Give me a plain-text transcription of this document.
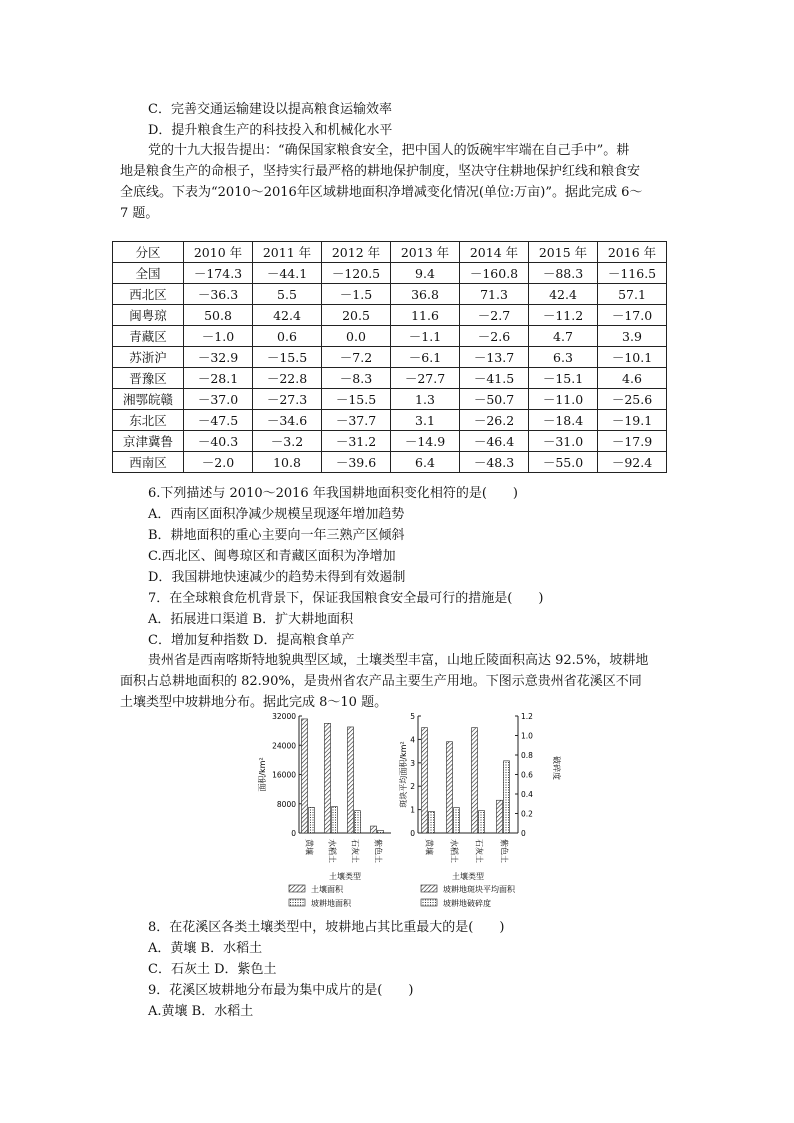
C．完善交通运输建设以提高粮食运输效率
D．提升粮食生产的科技投入和机械化水平
党的十九大报告提出：“确保国家粮食安全，把中国人的饭碗牢牢端在自己手中”。耕
地是粮食生产的命根子，坚持实行最严格的耕地保护制度，坚决守住耕地保护红线和粮食安
全底线。下表为“2010～2016年区域耕地面积净增减变化情况(单位:万亩)”。据此完成 6～
7 题。
分区	2010 年	2011 年	2012 年	2013 年	2014 年	2015 年	2016 年
全国	－174.3	－44.1	－120.5	9.4	－160.8	－88.3	－116.5
西北区	－36.3	5.5	－1.5	36.8	71.3	42.4	57.1
闽粤琼	50.8	42.4	20.5	11.6	－2.7	－11.2	－17.0
青藏区	－1.0	0.6	0.0	－1.1	－2.6	4.7	3.9
苏浙沪	－32.9	－15.5	－7.2	－6.1	－13.7	6.3	－10.1
晋豫区	－28.1	－22.8	－8.3	－27.7	－41.5	－15.1	4.6
湘鄂皖赣	－37.0	－27.3	－15.5	1.3	－50.7	－11.0	－25.6
东北区	－47.5	－34.6	－37.7	3.1	－26.2	－18.4	－19.1
京津冀鲁	－40.3	－3.2	－31.2	－14.9	－46.4	－31.0	－17.9
西南区	－2.0	10.8	－39.6	6.4	－48.3	－55.0	－92.4
6.下列描述与 2010～2016 年我国耕地面积变化相符的是(　　)
A．西南区面积净减少规模呈现逐年增加趋势
B．耕地面积的重心主要向一年三熟产区倾斜
C.西北区、闽粤琼区和青藏区面积为净增加
D．我国耕地快速减少的趋势未得到有效遏制
7．在全球粮食危机背景下，保证我国粮食安全最可行的措施是(　　)
A．拓展进口渠道 B．扩大耕地面积
C．增加复种指数 D．提高粮食单产
贵州省是西南喀斯特地貌典型区域，土壤类型丰富，山地丘陵面积高达 92.5%，坡耕地
面积占总耕地面积的 82.90%，是贵州省农产品主要生产用地。下图示意贵州省花溪区不同
土壤类型中坡耕地分布。据此完成 8～10 题。
0
8000
16000
24000
32000
面积/km²
黄壤 水稻土 石灰土 紫色土
土壤类型
0
1
2
3
4
5
0
0.2
0.4
0.6
0.8
1.0
1.2
破碎度
斑块平均面积/km²
黄壤 水稻土 石灰土 紫色土
土壤类型
土壤面积
坡耕地面积
坡耕地斑块平均面积
坡耕地破碎度
8．在花溪区各类土壤类型中，坡耕地占其比重最大的是(　　)
A．黄壤 B．水稻土
C．石灰土 D．紫色土
9．花溪区坡耕地分布最为集中成片的是(　　)
A.黄壤 B．水稻土
